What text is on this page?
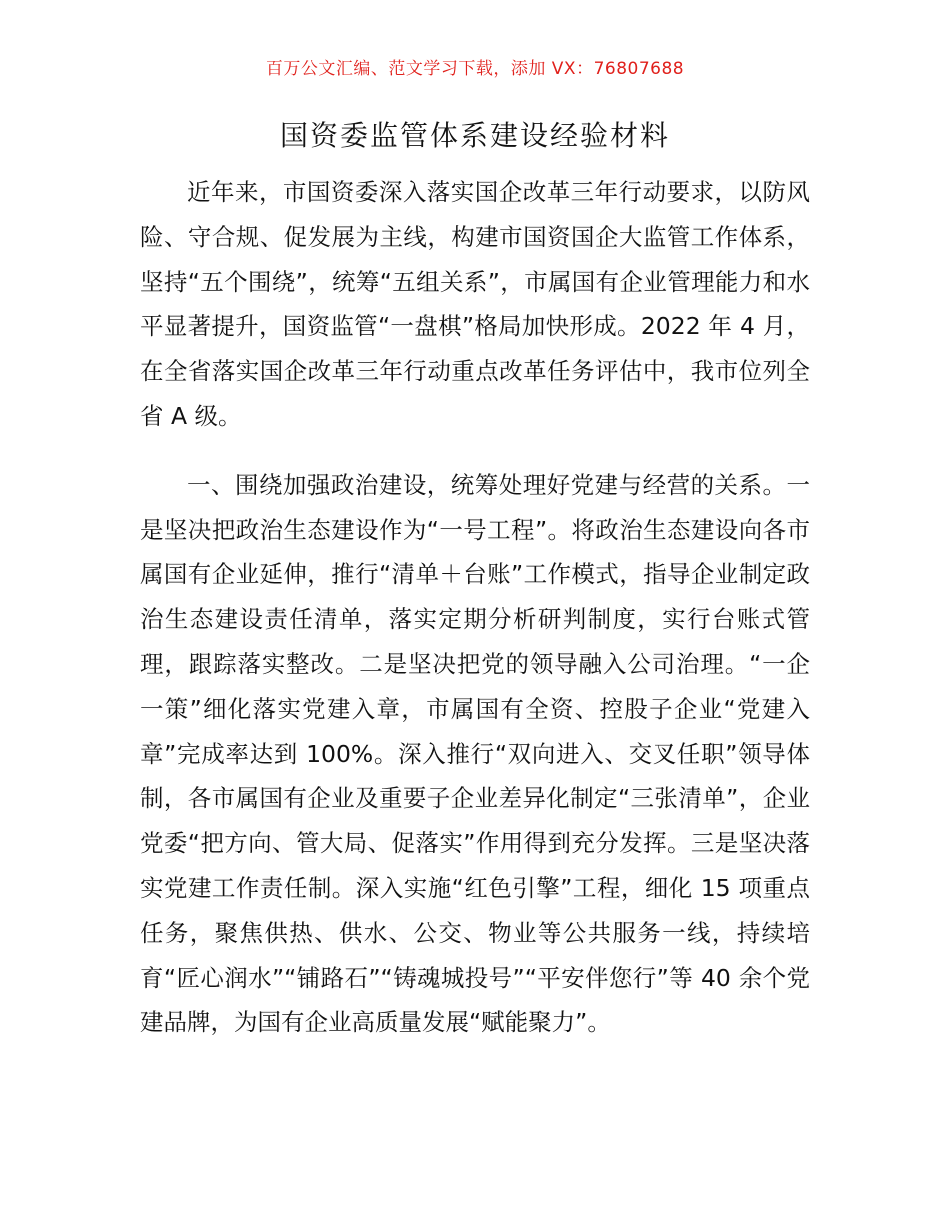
百万公文汇编、范文学习下载，添加 VX：76807688
国资委监管体系建设经验材料

近年来，市国资委深入落实国企改革三年行动要求，以防风险、守合规、促发展为主线，构建市国资国企大监管工作体系，坚持“五个围绕”，统筹“五组关系”，市属国有企业管理能力和水平显著提升，国资监管“一盘棋”格局加快形成。2022 年 4 月，在全省落实国企改革三年行动重点改革任务评估中，我市位列全省 A 级。

一、围绕加强政治建设，统筹处理好党建与经营的关系。一是坚决把政治生态建设作为“一号工程”。将政治生态建设向各市属国有企业延伸，推行“清单＋台账”工作模式，指导企业制定政治生态建设责任清单，落实定期分析研判制度，实行台账式管理，跟踪落实整改。二是坚决把党的领导融入公司治理。“一企一策”细化落实党建入章，市属国有全资、控股子企业“党建入章”完成率达到 100%。深入推行“双向进入、交叉任职”领导体制，各市属国有企业及重要子企业差异化制定“三张清单”，企业党委“把方向、管大局、促落实”作用得到充分发挥。三是坚决落实党建工作责任制。深入实施“红色引擎”工程，细化 15 项重点任务，聚焦供热、供水、公交、物业等公共服务一线，持续培育“匠心润水”“铺路石”“铸魂城投号”“平安伴您行”等 40 余个党建品牌，为国有企业高质量发展“赋能聚力”。
